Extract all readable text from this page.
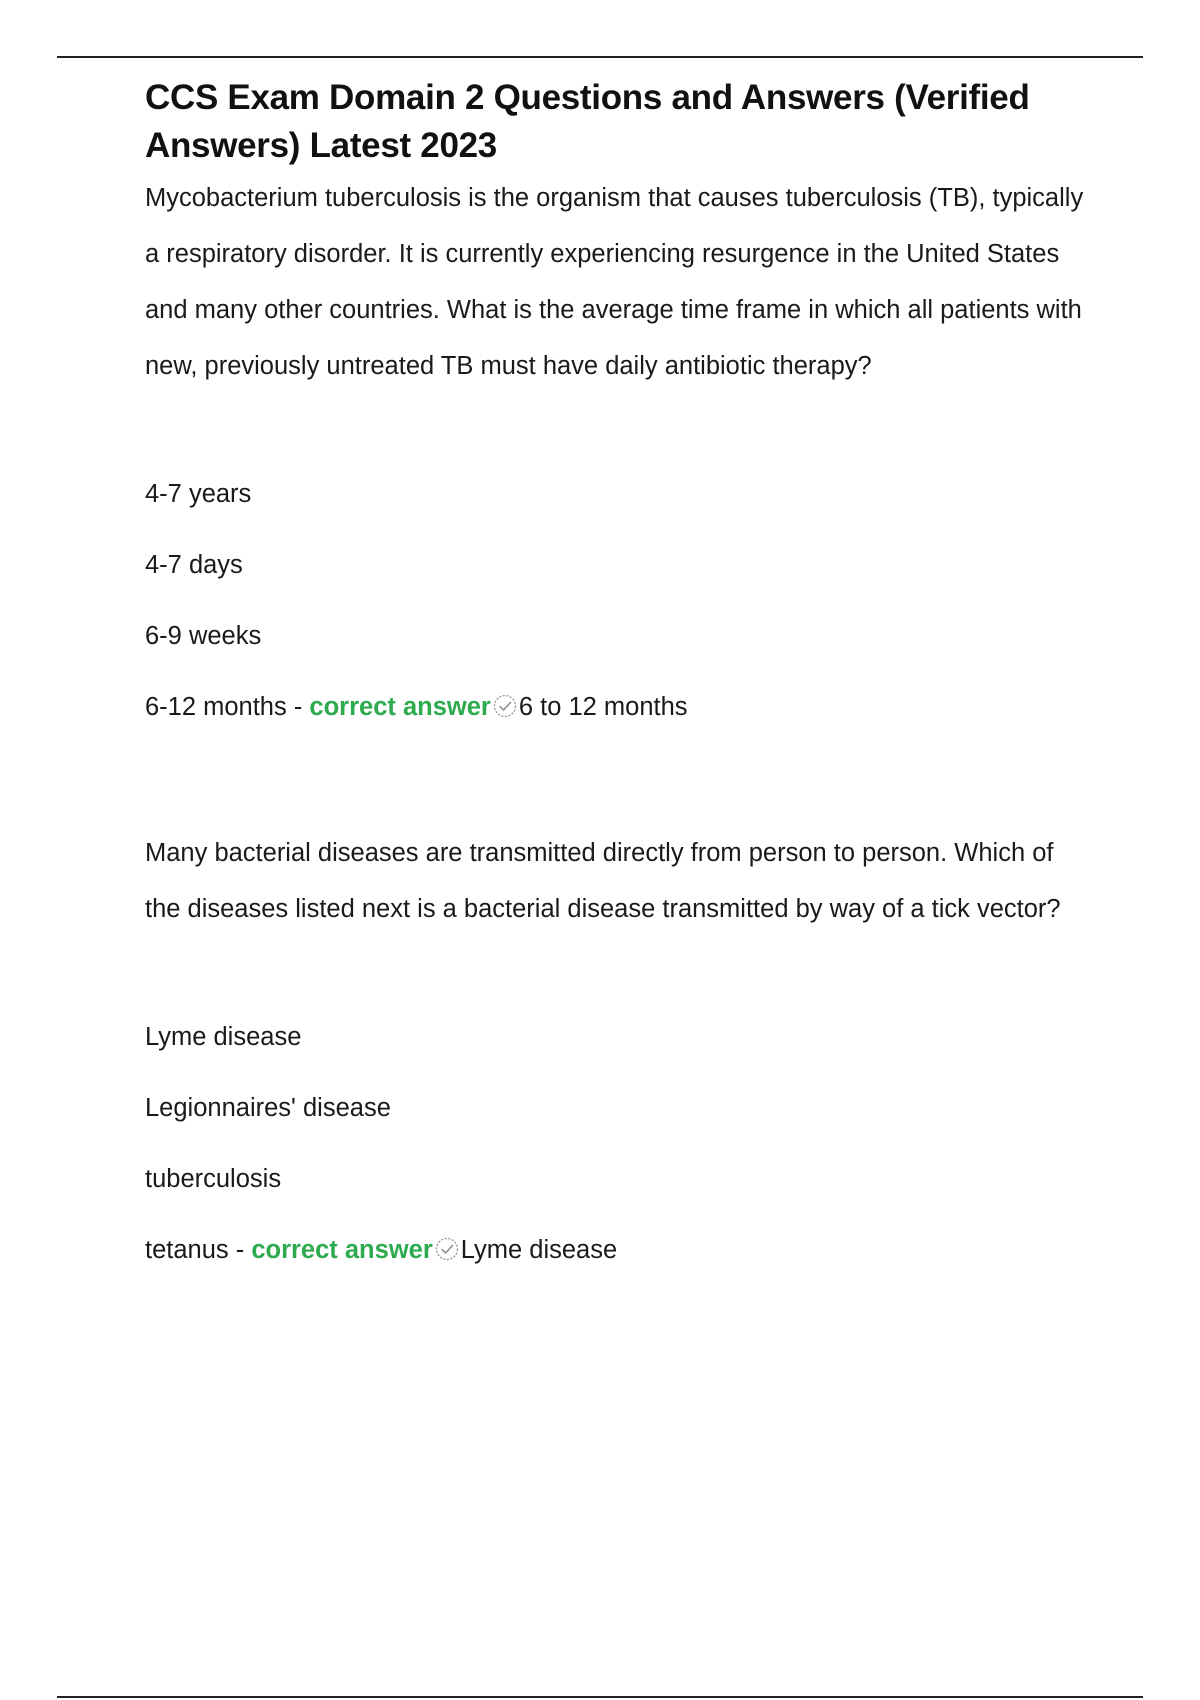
CCS Exam Domain 2 Questions and Answers (Verified Answers) Latest 2023

Mycobacterium tuberculosis is the organism that causes tuberculosis (TB), typically a respiratory disorder. It is currently experiencing resurgence in the United States and many other countries. What is the average time frame in which all patients with new, previously untreated TB must have daily antibiotic therapy?

4-7 years
4-7 days
6-9 weeks
6-12 months - correct answer 6 to 12 months

Many bacterial diseases are transmitted directly from person to person. Which of the diseases listed next is a bacterial disease transmitted by way of a tick vector?

Lyme disease
Legionnaires' disease
tuberculosis
tetanus - correct answer Lyme disease
